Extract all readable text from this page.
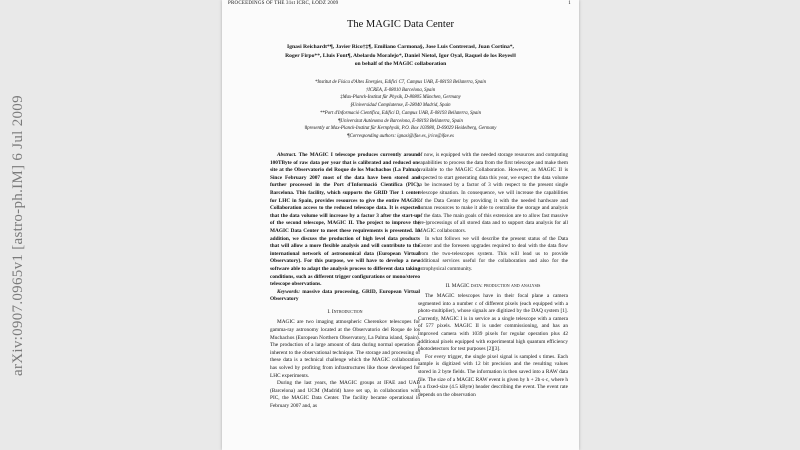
arXiv:0907.0965v1 [astro-ph.IM] 6 Jul 2009
PROCEEDINGS OF THE 31st ICRC, ŁÓDŹ 2009	1
The MAGIC Data Center
Ignasi Reichardt*¶, Javier Rico†‡¶, Emiliano Carmona§, Jose Luis Contreras‖, Juan Cortina*,
Roger Firpo**, Lluis Font¶, Abelardo Moralejo*, Daniel Nieto‖, Igor Oya‖, Raquel de los Reyes‖‖
on behalf of the MAGIC collaboration
*Institut de Física d'Altes Energies, Edifici C7, Campus UAB, E-08193 Bellaterra, Spain
†ICREA, E-08010 Barcelona, Spain
‡Max-Planck-Institut für Physik, D-80805 München, Germany
§Universidad Complutense, E-28040 Madrid, Spain
**Port d'Informació Científica, Edifici D, Campus UAB, E-08193 Bellaterra, Spain
¶Universitat Autònoma de Barcelona, E-08193 Bellaterra, Spain
‖‖presently at Max-Planck-Institut für Kernphysik, P.O. Box 103980, D-69029 Heidelberg, Germany
¶Corresponding authors: ignasi@ifae.es, jrico@ifae.es

Abstract. The MAGIC I telescope produces currently around 100TByte of raw data per year that is calibrated and reduced on-site at the Observatorio del Roque de los Muchachos (La Palma). Since February 2007 most of the data have been stored and further processed in the Port d'Informació Científica (PIC), Barcelona. This facility, which supports the GRID Tier 1 center for LHC in Spain, provides resources to give the entire MAGIC Collaboration access to the reduced telescope data. It is expected that the data volume will increase by a factor 3 after the start-up of the second telescope, MAGIC II. The project to improve the MAGIC Data Center to meet these requirements is presented. In addition, we discuss the production of high level data products that will allow a more flexible analysis and will contribute to the international network of astronomical data (European Virtual Observatory). For this purpose, we will have to develop a new software able to adapt the analysis process to different data taking conditions, such as different trigger configurations or mono/stereo telescope observations.

Keywords: massive data processing, GRID, European Virtual Observatory

I. Introduction

MAGIC are two imaging atmospheric Cherenkov telescopes for gamma-ray astronomy located at the Observatorio del Roque de los Muchachos (European Northern Observatory, La Palma island, Spain). The production of a large amount of data during normal operation is inherent to the observational technique. The storage and processing of these data is a technical challenge which the MAGIC collaboration has solved by profiting from infrastructures like those developed for LHC experiments.

During the last years, the MAGIC groups at IFAE and UAB (Barcelona) and UCM (Madrid) have set up, in collaboration with PIC, the MAGIC Data Center. The facility became operational in February 2007 and, as

of now, is equipped with the needed storage resources and computing capabilities to process the data from the first telescope and make them available to the MAGIC Collaboration. However, as MAGIC II is expected to start generating data this year, we expect the data volume to be increased by a factor of 3 with respect to the present single telescope situation. In consequence, we will increase the capabilities of the Data Center by providing it with the needed hardware and human resources to make it able to centralise the storage and analysis of the data. The main goals of this extension are to allow fast massive (re-)processings of all stored data and to support data analysis for all MAGIC collaborators.

In what follows we will describe the present status of the Data Center and the foreseen upgrades required to deal with the data flow from the two-telescopes system. This will lead us to provide additional services useful for the collaboration and also for the astrophysical community.

II. MAGIC data: production and analysis

The MAGIC telescopes have in their focal plane a camera segmented into a number c of different pixels (each equipped with a photo-multiplier), whose signals are digitized by the DAQ system [1]. Currently, MAGIC I is in service as a single telescope with a camera of 577 pixels. MAGIC II is under commissioning, and has an improved camera with 1039 pixels for regular operation plus 42 additional pixels equipped with experimental high quantum efficiency photodetectors for test purposes [2][3].

For every trigger, the single pixel signal is sampled s times. Each sample is digitized with 12 bit precision and the resulting values stored in 2 byte fields. The information is then saved into a RAW data file. The size of a MAGIC RAW event is given by h + 2b·s·c, where h is a fixed-size (4.5 kByte) header describing the event. The event rate depends on the observation
